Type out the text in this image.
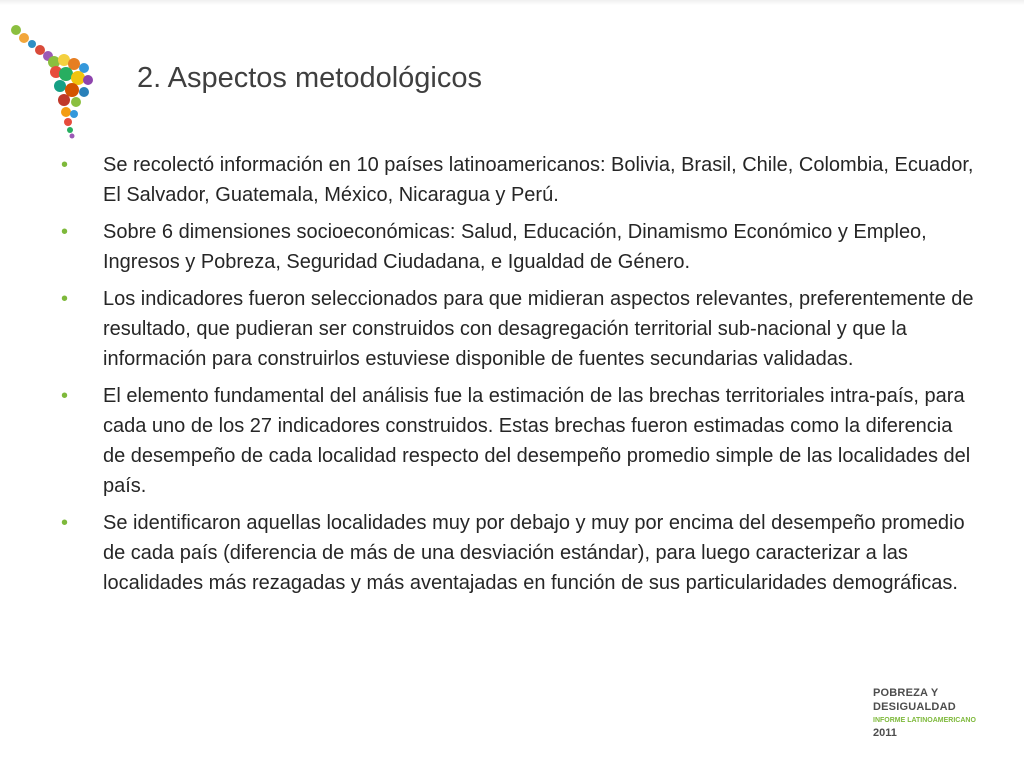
2. Aspectos metodológicos
• Se recolectó información en 10 países latinoamericanos: Bolivia, Brasil, Chile, Colombia, Ecuador, El Salvador, Guatemala, México, Nicaragua y Perú.
• Sobre 6 dimensiones socioeconómicas: Salud, Educación, Dinamismo Económico y Empleo, Ingresos y Pobreza, Seguridad Ciudadana, e Igualdad de Género.
• Los indicadores fueron seleccionados para que midieran aspectos relevantes, preferentemente de resultado, que pudieran ser construidos con desagregación territorial sub-nacional y que la información para construirlos estuviese disponible de fuentes secundarias validadas.
• El elemento fundamental del análisis fue la estimación de las brechas territoriales intra-país, para cada uno de los 27 indicadores construidos. Estas brechas fueron estimadas como la diferencia de desempeño de cada localidad respecto del desempeño promedio simple de las localidades del país.
• Se identificaron aquellas localidades muy por debajo y muy por encima del desempeño promedio de cada país (diferencia de más de una desviación estándar), para luego caracterizar a las localidades más rezagadas y más aventajadas en función de sus particularidades demográficas.
POBREZA Y
DESIGUALDAD
INFORME LATINOAMERICANO
2011
